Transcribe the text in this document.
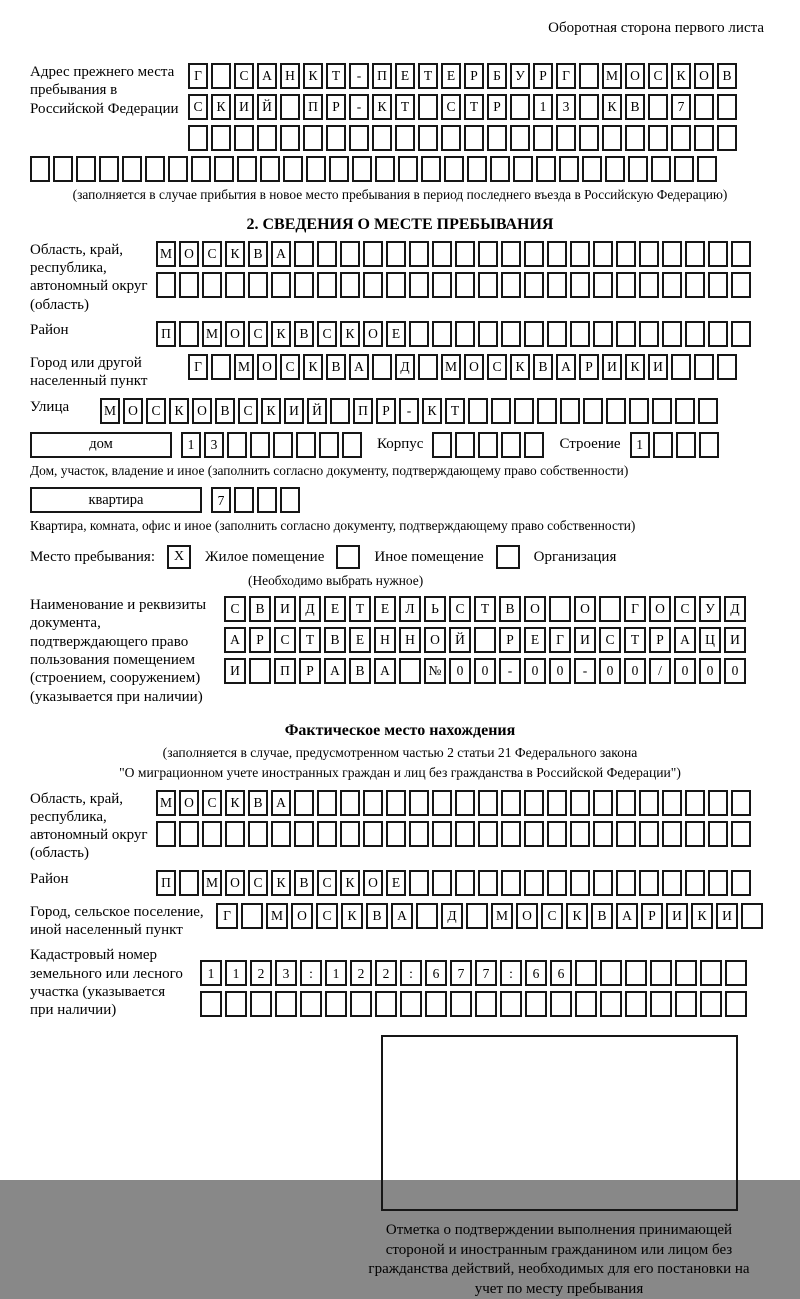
Оборотная сторона первого листа
Адрес прежнего места пребывания в Российской Федерации
Г	С	А Н	К	Т	-	П	Е	Т	Е	Р	Б	У	Р	Г	М О	С	К	О	В
С	К	И Й	П	Р	-	К	Т	С	Т	Р	1	3	К	В	7
(заполняется в случае прибытия в новое место пребывания в период последнего въезда в Российскую Федерацию)
2. СВЕДЕНИЯ О МЕСТЕ ПРЕБЫВАНИЯ
Область, край, республика, автономный округ (область)
М О	С	К	В	А
Район	П	М О	С	К	В	С	К	О	Е
Город или другой населенный пункт
Г	М О	С	К	В	А	Д	М О	С	К	В	А	Р	И	К	И
Улица	М О	С	К	О	В	С	К	И Й	П	Р	-	К	Т
дом	1	3	Корпус	Строение	1
Дом, участок, владение и иное (заполнить согласно документу, подтверждающему право собственности)
квартира	7
Квартира, комната, офис и иное (заполнить согласно документу, подтверждающему право собственности)
Место пребывания:	X	Жилое помещение	Иное помещение	Организация
(Необходимо выбрать нужное)
Наименование и реквизиты документа, подтверждающего право пользования помещением (строением, сооружением) (указывается при наличии)
С	В	И	Д	Е	Т	Е	Л	Ь	С	Т	В	О	О	Г	О	С	У	Д
А	Р	С	Т	В	Е	Н	Н	О	Й	Р	Е	Г	И	С	Т	Р	А	Ц	И
И	П	Р	А	В	А	№	0	0	-	0	0	-	0	0	/	0	0	0
Фактическое место нахождения
(заполняется в случае, предусмотренном частью 2 статьи 21 Федерального закона
"О миграционном учете иностранных граждан и лиц без гражданства в Российской Федерации")
Область, край, республика, автономный округ (область)
М О	С	К	В	А
Район	П	М О	С	К	В	С	К	О	Е
Город, сельское поселение, иной населенный пункт
Г	М	О	С	К	В	А	Д	М	О	С	К	В	А	Р	И	К	И
Кадастровый номер земельного или лесного участка (указывается при наличии)
1	1	2	3	:	1	2	2	:	6	7	7	:	6	6
Отметка о подтверждении выполнения принимающей стороной и иностранным гражданином или лицом без гражданства действий, необходимых для его постановки на учет по месту пребывания
